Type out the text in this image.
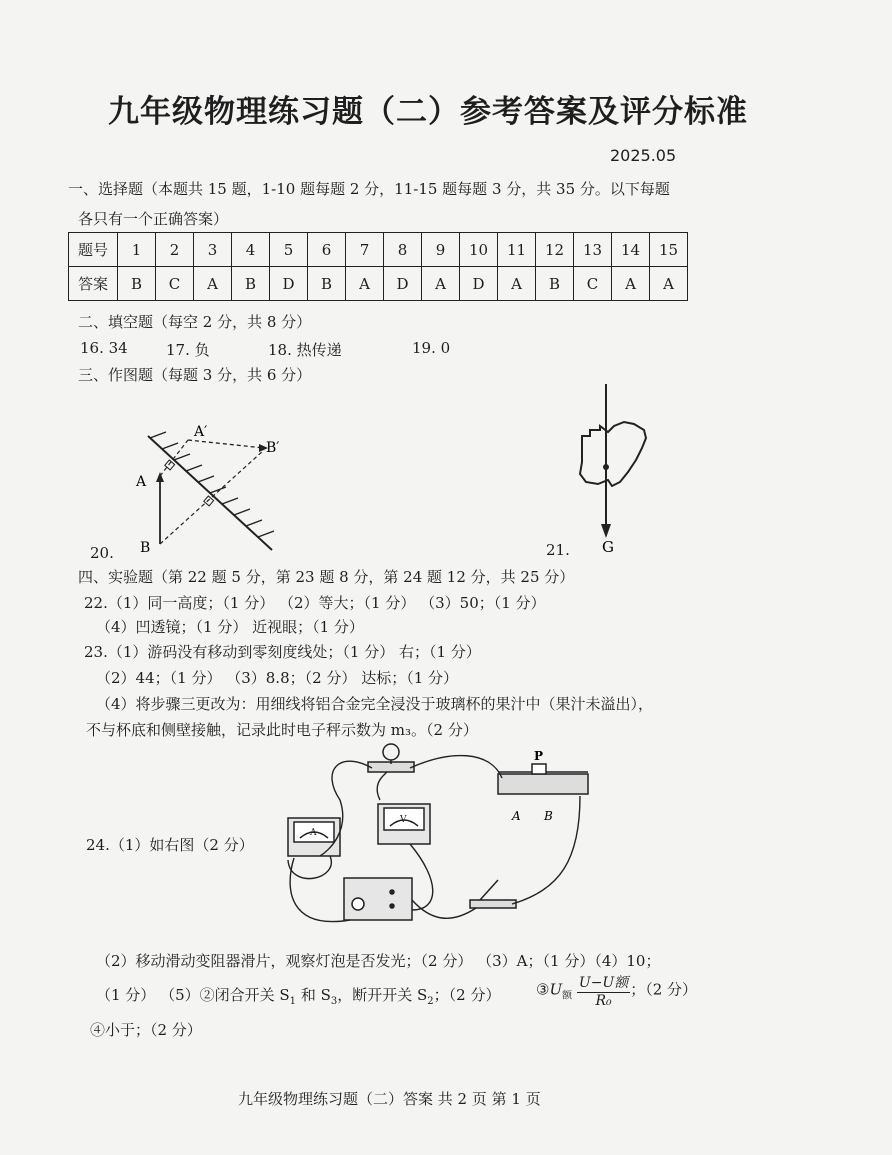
九年级物理练习题（二）参考答案及评分标准
2025.05
一、选择题（本题共 15 题，1-10 题每题 2 分，11-15 题每题 3 分，共 35 分。以下每题
各只有一个正确答案）
题号	1	2	3	4	5	6	7	8	9	10	11	12	13	14	15
答案	B	C	A	B	D	B	A	D	A	D	A	B	C	A	A
二、填空题（每空 2 分，共 8 分）
16. 34	17. 负	18. 热传递	19. 0
三、作图题（每题 3 分，共 6 分）
A′
B′
A
B
20.	G
21.
四、实验题（第 22 题 5 分，第 23 题 8 分，第 24 题 12 分，共 25 分）
22.（1）同一高度；（1 分） （2）等大；（1 分） （3）50；（1 分）
（4）凹透镜；（1 分） 近视眼；（1 分）
23.（1）游码没有移动到零刻度线处；（1 分） 右；（1 分）
（2）44；（1 分） （3）8.8；（2 分） 达标；（1 分）
（4）将步骤三更改为：用细线将铝合金完全浸没于玻璃杯的果汁中（果汁未溢出），
不与杯底和侧壁接触，记录此时电子秤示数为 m₃。（2 分）
24.（1）如右图（2 分）
A
V
P
A B
（2）移动滑动变阻器滑片，观察灯泡是否发光；（2 分） （3）A；（1 分）（4）10；
（1 分） （5）②闭合开关 $S_1$ 和 $S_3$，断开开关 $S_2$；（2 分） $③U_额 \frac{\text{U−U额}}{\text{R₀}}$ ；（2 分）
④小于；（2 分）
九年级物理练习题（二）答案 共 2 页 第 1 页
